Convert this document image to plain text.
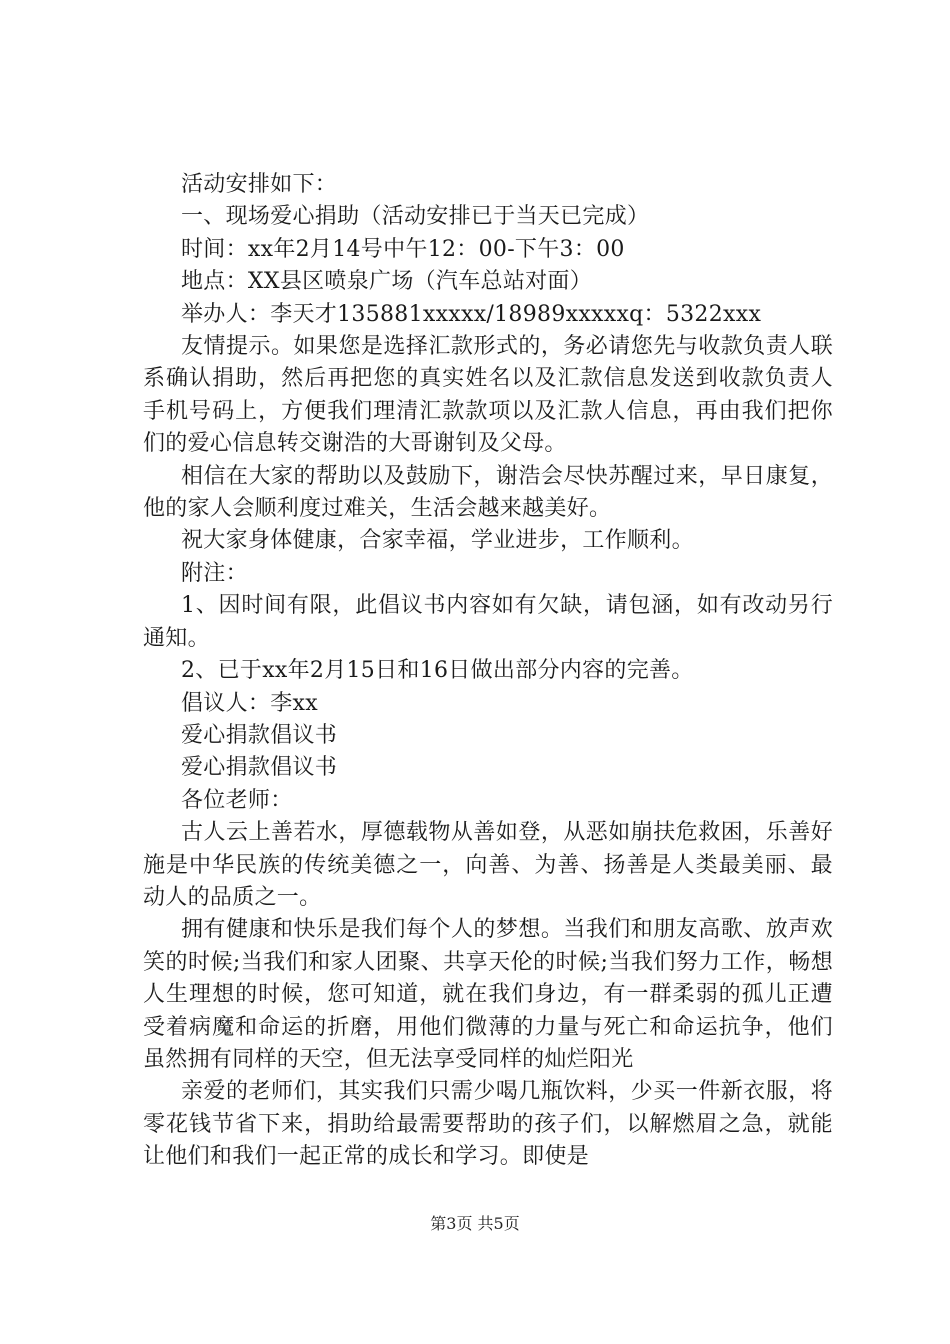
活动安排如下：

一、现场爱心捐助（活动安排已于当天已完成）

时间：xx年2月14号中午12：00-下午3：00

地点：XX县区喷泉广场（汽车总站对面）

举办人：李天才135881xxxxx/18989xxxxxq：5322xxx

友情提示。如果您是选择汇款形式的，务必请您先与收款负责人联系确认捐助，然后再把您的真实姓名以及汇款信息发送到收款负责人手机号码上，方便我们理清汇款款项以及汇款人信息，再由我们把你们的爱心信息转交谢浩的大哥谢钊及父母。

相信在大家的帮助以及鼓励下，谢浩会尽快苏醒过来，早日康复，他的家人会顺利度过难关，生活会越来越美好。

祝大家身体健康，合家幸福，学业进步，工作顺利。

附注：

1、因时间有限，此倡议书内容如有欠缺，请包涵，如有改动另行通知。

2、已于xx年2月15日和16日做出部分内容的完善。

倡议人：李xx

爱心捐款倡议书

爱心捐款倡议书

各位老师：

古人云上善若水，厚德载物从善如登，从恶如崩扶危救困，乐善好施是中华民族的传统美德之一，向善、为善、扬善是人类最美丽、最动人的品质之一。

拥有健康和快乐是我们每个人的梦想。当我们和朋友高歌、放声欢笑的时候;当我们和家人团聚、共享天伦的时候;当我们努力工作，畅想人生理想的时候，您可知道，就在我们身边，有一群柔弱的孤儿正遭受着病魔和命运的折磨，用他们微薄的力量与死亡和命运抗争，他们虽然拥有同样的天空，但无法享受同样的灿烂阳光

亲爱的老师们，其实我们只需少喝几瓶饮料，少买一件新衣服，将零花钱节省下来，捐助给最需要帮助的孩子们，以解燃眉之急，就能让他们和我们一起正常的成长和学习。即使是

第3页 共5页
